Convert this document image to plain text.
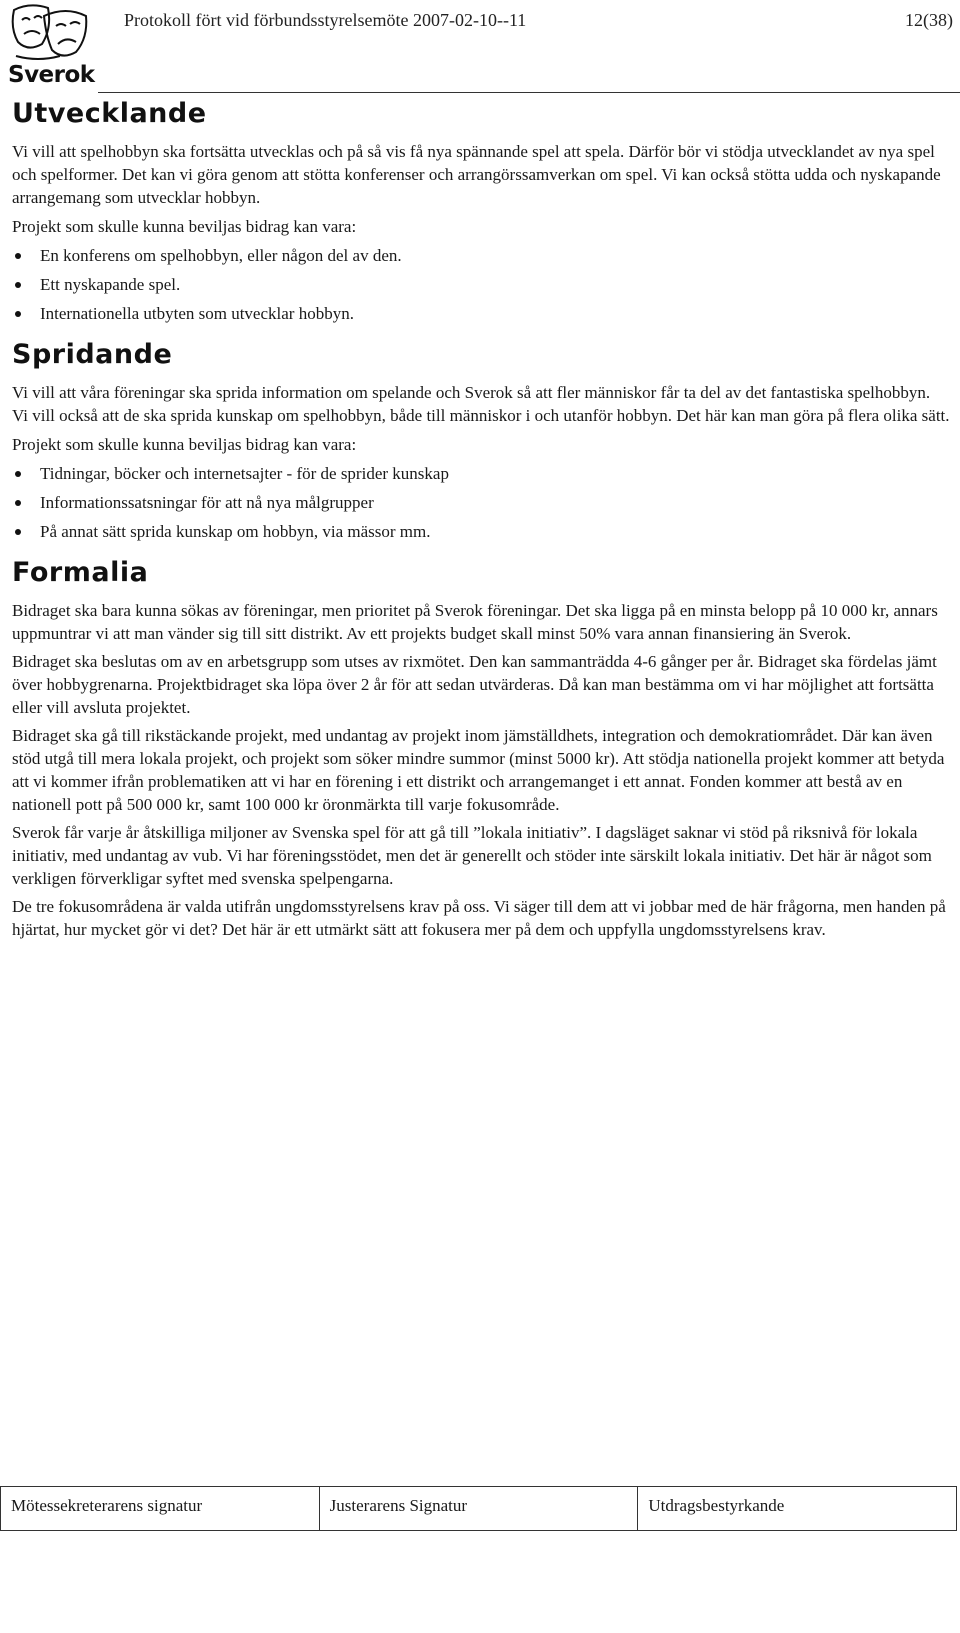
Sverok
Protokoll fört vid förbundsstyrelsemöte 2007-02-10--11	12(38)
Utvecklande

Vi vill att spelhobbyn ska fortsätta utvecklas och på så vis få nya spännande spel att spela. Därför bör vi stödja utvecklandet av nya spel och spelformer. Det kan vi göra genom att stötta konferenser och arrangörssamverkan om spel. Vi kan också stötta udda och nyskapande arrangemang som utvecklar hobbyn.

Projekt som skulle kunna beviljas bidrag kan vara:

En konferens om spelhobbyn, eller någon del av den.
Ett nyskapande spel.
Internationella utbyten som utvecklar hobbyn.
Spridande

Vi vill att våra föreningar ska sprida information om spelande och Sverok så att fler människor får ta del av det fantastiska spelhobbyn. Vi vill också att de ska sprida kunskap om spelhobbyn, både till människor i och utanför hobbyn. Det här kan man göra på flera olika sätt.

Projekt som skulle kunna beviljas bidrag kan vara:

Tidningar, böcker och internetsajter - för de sprider kunskap
Informationssatsningar för att nå nya målgrupper
På annat sätt sprida kunskap om hobbyn, via mässor mm.
Formalia

Bidraget ska bara kunna sökas av föreningar, men prioritet på Sverok föreningar. Det ska ligga på en minsta belopp på 10 000 kr, annars uppmuntrar vi att man vänder sig till sitt distrikt. Av ett projekts budget skall minst 50% vara annan finansiering än Sverok.

Bidraget ska beslutas om av en arbetsgrupp som utses av rixmötet. Den kan sammanträdda 4-6 gånger per år. Bidraget ska fördelas jämt över hobbygrenarna. Projektbidraget ska löpa över 2 år för att sedan utvärderas. Då kan man bestämma om vi har möjlighet att fortsätta eller vill avsluta projektet.

Bidraget ska gå till rikstäckande projekt, med undantag av projekt inom jämställdhets, integration och demokratiområdet. Där kan även stöd utgå till mera lokala projekt, och projekt som söker mindre summor (minst 5000 kr). Att stödja nationella projekt kommer att betyda att vi kommer ifrån problematiken att vi har en förening i ett distrikt och arrangemanget i ett annat. Fonden kommer att bestå av en nationell pott på 500 000 kr, samt 100 000 kr öronmärkta till varje fokusområde.

Sverok får varje år åtskilliga miljoner av Svenska spel för att gå till ”lokala initiativ”. I dagsläget saknar vi stöd på riksnivå för lokala initiativ, med undantag av vub. Vi har föreningsstödet, men det är generellt och stöder inte särskilt lokala initiativ. Det här är något som verkligen förverkligar syftet med svenska spelpengarna.

De tre fokusområdena är valda utifrån ungdomsstyrelsens krav på oss. Vi säger till dem att vi jobbar med de här frågorna, men handen på hjärtat, hur mycket gör vi det? Det här är ett utmärkt sätt att fokusera mer på dem och uppfylla ungdomsstyrelsens krav.

Mötessekreterarens signatur	Justerarens Signatur	Utdragsbestyrkande
